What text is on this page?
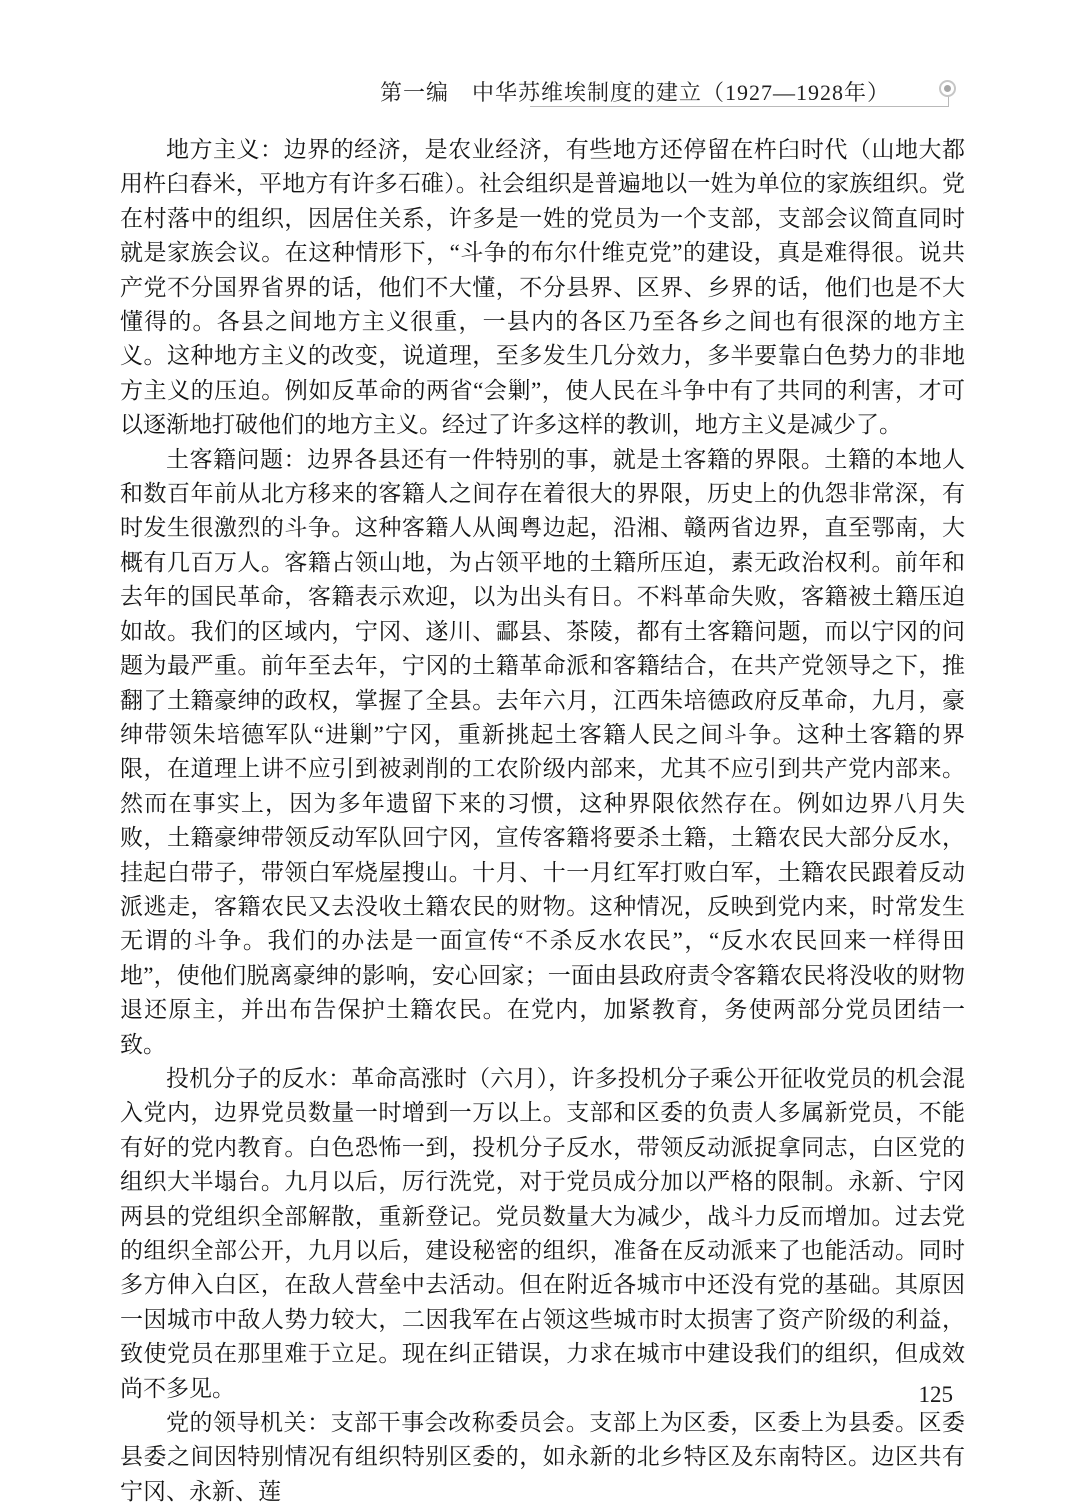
第一编　中华苏维埃制度的建立（1927—1928年）

地方主义：边界的经济，是农业经济，有些地方还停留在杵臼时代（山地大都用杵臼舂米，平地方有许多石碓）。社会组织是普遍地以一姓为单位的家族组织。党在村落中的组织，因居住关系，许多是一姓的党员为一个支部，支部会议简直同时就是家族会议。在这种情形下，“斗争的布尔什维克党”的建设，真是难得很。说共产党不分国界省界的话，他们不大懂，不分县界、区界、乡界的话，他们也是不大懂得的。各县之间地方主义很重，一县内的各区乃至各乡之间也有很深的地方主义。这种地方主义的改变，说道理，至多发生几分效力，多半要靠白色势力的非地方主义的压迫。例如反革命的两省“会剿”，使人民在斗争中有了共同的利害，才可以逐渐地打破他们的地方主义。经过了许多这样的教训，地方主义是减少了。

土客籍问题：边界各县还有一件特别的事，就是土客籍的界限。土籍的本地人和数百年前从北方移来的客籍人之间存在着很大的界限，历史上的仇怨非常深，有时发生很激烈的斗争。这种客籍人从闽粤边起，沿湘、赣两省边界，直至鄂南，大概有几百万人。客籍占领山地，为占领平地的土籍所压迫，素无政治权利。前年和去年的国民革命，客籍表示欢迎，以为出头有日。不料革命失败，客籍被土籍压迫如故。我们的区域内，宁冈、遂川、酃县、茶陵，都有土客籍问题，而以宁冈的问题为最严重。前年至去年，宁冈的土籍革命派和客籍结合，在共产党领导之下，推翻了土籍豪绅的政权，掌握了全县。去年六月，江西朱培德政府反革命，九月，豪绅带领朱培德军队“进剿”宁冈，重新挑起土客籍人民之间斗争。这种土客籍的界限，在道理上讲不应引到被剥削的工农阶级内部来，尤其不应引到共产党内部来。然而在事实上，因为多年遗留下来的习惯，这种界限依然存在。例如边界八月失败，土籍豪绅带领反动军队回宁冈，宣传客籍将要杀土籍，土籍农民大部分反水，挂起白带子，带领白军烧屋搜山。十月、十一月红军打败白军，土籍农民跟着反动派逃走，客籍农民又去没收土籍农民的财物。这种情况，反映到党内来，时常发生无谓的斗争。我们的办法是一面宣传“不杀反水农民”，“反水农民回来一样得田地”，使他们脱离豪绅的影响，安心回家；一面由县政府责令客籍农民将没收的财物退还原主，并出布告保护土籍农民。在党内，加紧教育，务使两部分党员团结一致。

投机分子的反水：革命高涨时（六月），许多投机分子乘公开征收党员的机会混入党内，边界党员数量一时增到一万以上。支部和区委的负责人多属新党员，不能有好的党内教育。白色恐怖一到，投机分子反水，带领反动派捉拿同志，白区党的组织大半塌台。九月以后，厉行洗党，对于党员成分加以严格的限制。永新、宁冈两县的党组织全部解散，重新登记。党员数量大为减少，战斗力反而增加。过去党的组织全部公开，九月以后，建设秘密的组织，准备在反动派来了也能活动。同时多方伸入白区，在敌人营垒中去活动。但在附近各城市中还没有党的基础。其原因一因城市中敌人势力较大，二因我军在占领这些城市时太损害了资产阶级的利益，致使党员在那里难于立足。现在纠正错误，力求在城市中建设我们的组织，但成效尚不多见。

党的领导机关：支部干事会改称委员会。支部上为区委，区委上为县委。区委县委之间因特别情况有组织特别区委的，如永新的北乡特区及东南特区。边区共有宁冈、永新、莲

125
